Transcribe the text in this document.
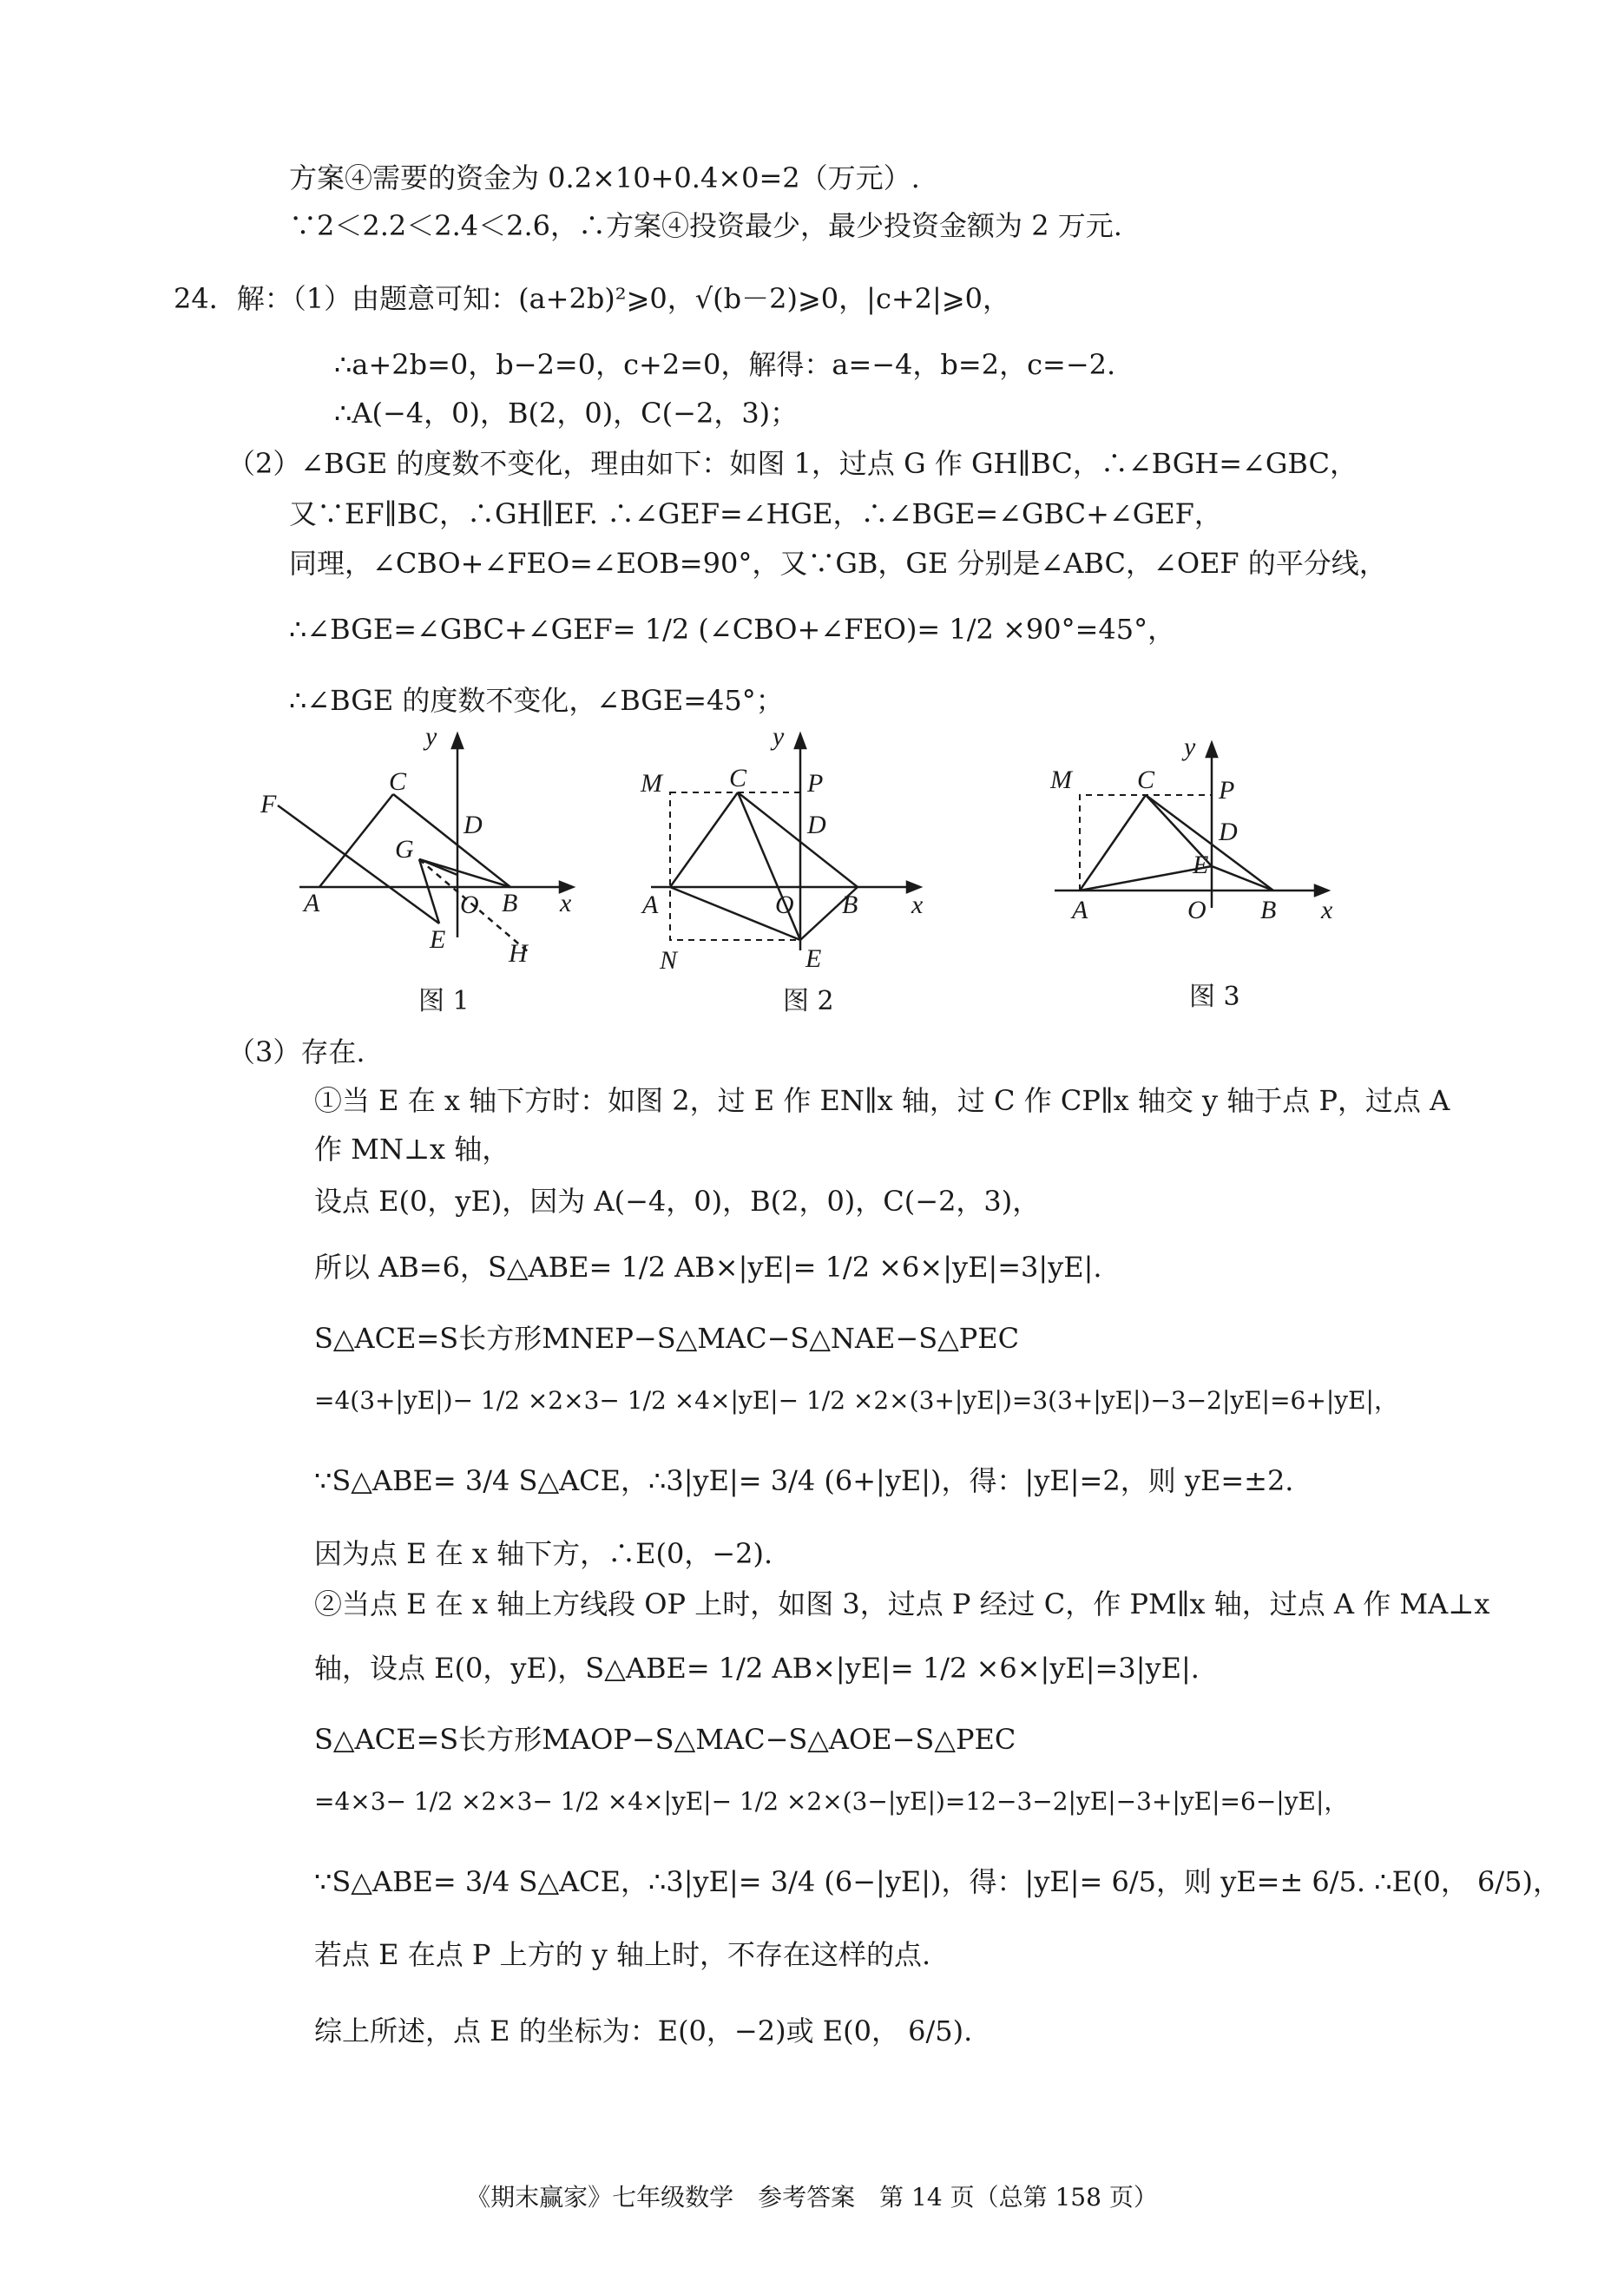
方案④需要的资金为 0.2×10+0.4×0=2（万元）.
∵2＜2.2＜2.4＜2.6，∴方案④投资最少，最少投资金额为 2 万元.
24．解：（1）由题意可知：(a+2b)²⩾0，√(b－2)⩾0，|c+2|⩾0，
∴a+2b=0，b−2=0，c+2=0，解得：a=−4，b=2，c=−2.
∴A(−4，0)，B(2，0)，C(−2，3)；
（2）∠BGE 的度数不变化，理由如下：如图 1，过点 G 作 GH∥BC，∴∠BGH=∠GBC，
又∵EF∥BC，∴GH∥EF. ∴∠GEF=∠HGE，∴∠BGE=∠GBC+∠GEF，
同理，∠CBO+∠FEO=∠EOB=90°，又∵GB，GE 分别是∠ABC，∠OEF 的平分线，
∴∠BGE=∠GBC+∠GEF= 1/2 (∠CBO+∠FEO)= 1/2 ×90°=45°，
∴∠BGE 的度数不变化，∠BGE=45°；
C
F
D
G
A	O B
E H
y
x
图 1
M	C P
D
A	O B
N	E
y
x
图 2
M	C P
D
E
A	O B
y
x
图 3
（3）存在.
①当 E 在 x 轴下方时：如图 2，过 E 作 EN∥x 轴，过 C 作 CP∥x 轴交 y 轴于点 P，过点 A
作 MN⊥x 轴，
设点 E(0，yE)，因为 A(−4，0)，B(2，0)，C(−2，3)，
所以 AB=6，S△ABE= 1/2 AB×|yE|= 1/2 ×6×|yE|=3|yE|.
S△ACE=S长方形MNEP−S△MAC−S△NAE−S△PEC
=4(3+|yE|)− 1/2 ×2×3− 1/2 ×4×|yE|− 1/2 ×2×(3+|yE|)=3(3+|yE|)−3−2|yE|=6+|yE|，
∵S△ABE= 3/4 S△ACE，∴3|yE|= 3/4 (6+|yE|)，得：|yE|=2，则 yE=±2.
因为点 E 在 x 轴下方，∴E(0，−2).
②当点 E 在 x 轴上方线段 OP 上时，如图 3，过点 P 经过 C，作 PM∥x 轴，过点 A 作 MA⊥x
轴，设点 E(0，yE)，S△ABE= 1/2 AB×|yE|= 1/2 ×6×|yE|=3|yE|.
S△ACE=S长方形MAOP−S△MAC−S△AOE−S△PEC
=4×3− 1/2 ×2×3− 1/2 ×4×|yE|− 1/2 ×2×(3−|yE|)=12−3−2|yE|−3+|yE|=6−|yE|，
∵S△ABE= 3/4 S△ACE，∴3|yE|= 3/4 (6−|yE|)，得：|yE|= 6/5，则 yE=± 6/5. ∴E(0， 6/5)，
若点 E 在点 P 上方的 y 轴上时，不存在这样的点.
综上所述，点 E 的坐标为：E(0，−2)或 E(0， 6/5).
《期末赢家》七年级数学　参考答案　第 14 页（总第 158 页）
